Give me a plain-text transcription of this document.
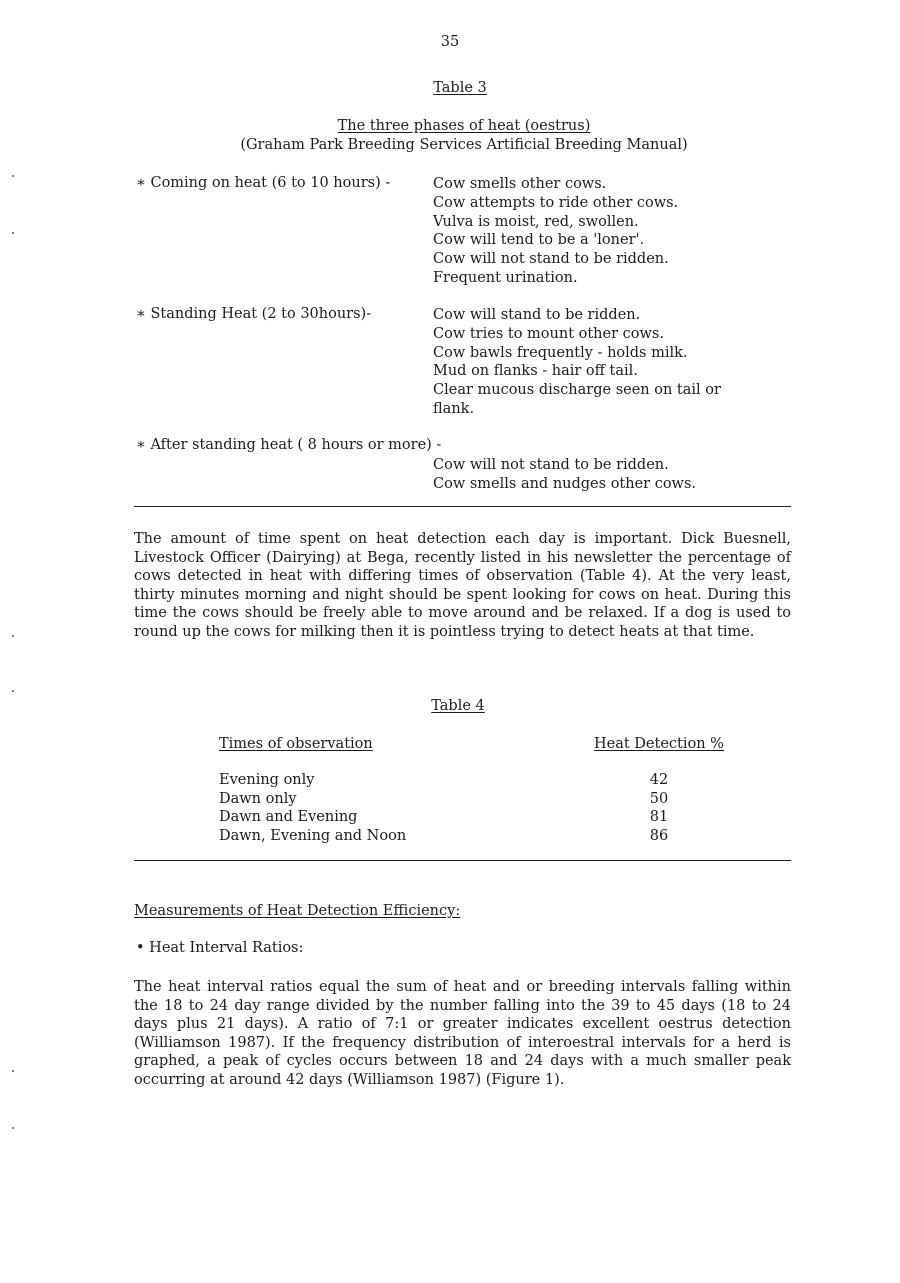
35
Table 3
The three phases of heat (oestrus)
(Graham Park Breeding Services Artificial Breeding Manual)
∗ Coming on heat (6 to 10 hours) -	Cow smells other cows.
Cow attempts to ride other cows.
Vulva is moist, red, swollen.
Cow will tend to be a 'loner'.
Cow will not stand to be ridden.
Frequent urination.
∗ Standing Heat (2 to 30hours)-	Cow will stand to be ridden.
Cow tries to mount other cows.
Cow bawls frequently - holds milk.
Mud on flanks - hair off tail.
Clear mucous discharge seen on tail or
flank.
∗ After standing heat ( 8 hours or more) -
Cow will not stand to be ridden.
Cow smells and nudges other cows.
The amount of time spent on heat detection each day is important. Dick Buesnell, Livestock Officer (Dairying) at Bega, recently listed in his newsletter the percentage of cows detected in heat with differing times of observation (Table 4). At the very least, thirty minutes morning and night should be spent looking for cows on heat. During this time the cows should be freely able to move around and be relaxed. If a dog is used to round up the cows for milking then it is pointless trying to detect heats at that time.
Table 4
Times of observation	Heat Detection %
Evening only	42
Dawn only	50
Dawn and Evening	81
Dawn, Evening and Noon	86
Measurements of Heat Detection Efficiency:
• Heat Interval Ratios:
The heat interval ratios equal the sum of heat and or breeding intervals falling within the 18 to 24 day range divided by the number falling into the 39 to 45 days (18 to 24 days plus 21 days). A ratio of 7:1 or greater indicates excellent oestrus detection (Williamson 1987). If the frequency distribution of interoestral intervals for a herd is graphed, a peak of cycles occurs between 18 and 24 days with a much smaller peak occurring at around 42 days (Williamson 1987) (Figure 1).
